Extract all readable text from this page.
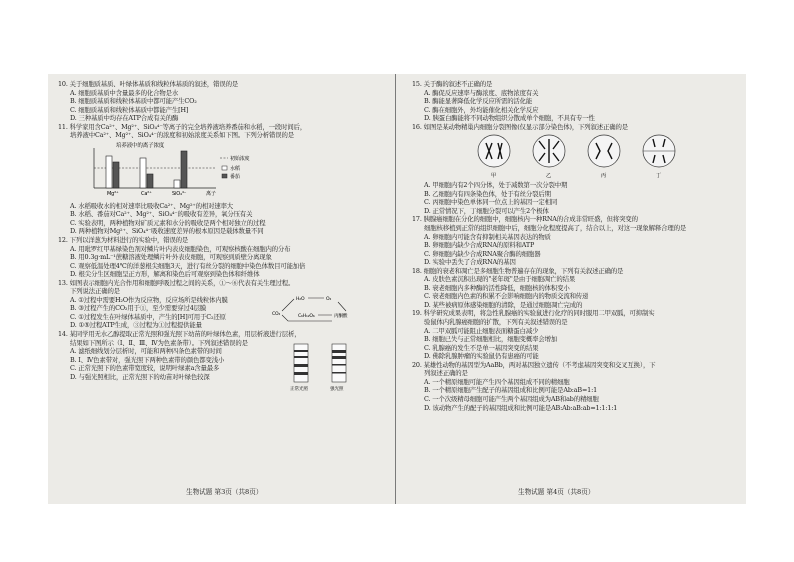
10. 关于细胞质基质、叶绿体基质和线粒体基质的叙述，错误的是
A. 细胞质基质中含量最多的化合物是水
B. 细胞质基质和线粒体基质中都可能产生CO₂
C. 细胞质基质和线粒体基质中都能产生[H]
D. 三种基质中均存在ATP合成有关的酶
11. 科学家用含Ca²⁺、Mg²⁺、SiO₄⁴⁻等离子的完全培养液培养番茄和水稻，一段时间后，
培养液中Ca²⁺、Mg²⁺、SiO₄⁴⁻的浓度和初始浓度关系如下图。下列分析错误的是
培养液中的离子浓度
Mg²⁺	Ca²⁺	SiO₄⁴⁻	离子
初始浓度
水稻
番茄
A. 水稻吸收水的相对速率比吸收Ca²⁺、Mg²⁺的相对速率大
B. 水稻、番茄对Ca²⁺、Mg²⁺、SiO₄⁴⁻的吸收有差异，氧分压有关
C. 实验表明，两种植物对矿质元素和水分的吸收是两个相对独立的过程
D. 两种植物对Mg²⁺、SiO₄⁴⁻吸收速度差异的根本原因是载体数量不同
12. 下列以洋葱为材料进行的实验中，错误的是
A. 用吡罗红甲基绿染色剂对鳞片叶内表皮细胞染色，可观察核酸在细胞内的分布
B. 用0.3g·mL⁻¹蔗糖溶液处理鳞片叶外表皮细胞，可观察到质壁分离现象
C. 观察低温处理4℃的洋葱根尖细胞3天，进行有丝分裂的细胞中染色体数目可能加倍
D. 根尖分生区细胞呈正方形，解离和染色后可观察到染色体和纤维体
13. 如图表示细胞内光合作用和细胞呼吸过程之间的关系，①～⑥代表有关生理过程。
下列说法正确的是
A. ①过程中需要H₂O作为反应物，反应场所是线粒体内膜
B. ③过程产生的CO₂用于①，至少需要穿过4层膜
C. ①过程发生在叶绿体基质中，产生的[H]可用于C₂还原
D. ①⑤过程ATP生成，③过程为①过程提供能量
H₂O	O₂
CO₂	C₆H₁₂O₆	丙酮酸
14. 某同学用无水乙醇提取正常光照和强光照下幼苗的叶绿体色素，用层析液进行层析，
结果如下图所示（Ⅰ、Ⅱ、Ⅲ、Ⅳ为色素条带）。下列叙述错误的是
A. 滤纸细线划分层析时，可能和两种四条色素带的时间
B. Ⅰ、Ⅳ色素带对，强光照下两种色素带的颜色都变浅小
C. 正常光照下的色素带宽度较，说明叶绿素a含量最多
D. 与强光照相比，正常光照下的幼苗对叶绿色较深
正常光照	强光照
生物试题 第3页（共8页）
15. 关于酶的叙述不正确的是
A. 酶促反应速率与酶浓度、底物浓度有关
B. 酶能显著降低化学反应所需的活化能
C. 酶在细胞外，外均能催化相关化学反应
D. 胰蛋白酶能将不同动物组织分散成单个细胞，不具有专一性
16. 如图是某动物精巢内细胞分裂图像(仅显示部分染色体)，下列叙述正确的是
甲	乙	丙	丁
A. 甲细胞内有2个四分体，处于减数第一次分裂中期
B. 乙细胞内有四条染色体，处于有丝分裂后期
C. 丙细胞中染色单体同一位点上的基因一定相同
D. 正常情况下，丁细胞分裂可以产生2个极体
17. 胰腺癌细胞在分化的细胞中，细胞核内一种RNA的合成非常旺盛，但将突变的
细胞核移植到正常的组织细胞中后，细胞分化程度提高了，结合以上，对这一现象解释合理的是
A. 卵细胞内可能含有抑制相关基因表达的物质
B. 卵细胞内缺少合成RNA的原料和ATP
C. 卵细胞内缺少合成RNA聚合酶的细胞器
D. 实验中丢失了合成RNA的基因
18. 细胞的衰老和凋亡是多细胞生物普遍存在的现象，下列有关叙述正确的是
A. 皮肤色素沉积出现的"老年斑"是由于细胞凋亡的结果
B. 衰老细胞内多种酶的活性降低，细胞核的体积变小
C. 衰老细胞内色素的积累不会影响细胞内的物质交流和传递
D. 某些被病原体感染细胞的清除，是通过细胞凋亡完成的
19. 科学研究成果表明，将急性乳腺癌的实验鼠进行化疗的同时服用二甲双胍，可抑制实
验鼠体内乳腺癌细胞的扩散，下列有关叙述错误的是
A. 二甲双胍可能阻止细胞表面糖蛋白减少
B. 细胞已失与正常细胞相比，细胞变概率会增加
C. 乳腺癌的发生不是单一基因突变的结果
D. 佛除乳腺肿瘤的实验鼠仍有患癌的可能
20. 某雄性动物的基因型为AaBb，两对基因独立遗传（不考虑基因突变和交叉互换），下
列叙述正确的是
A. 一个精原细胞可能产生四个基因组成不同的精细胞
B. 一个精原细胞产生配子的基因组成和比例可能是Ab:aB=1:1
C. 一个次级精母细胞可能产生两个基因组成为AB和ab的精细胞
D. 该动物产生的配子的基因组成和比例可能是AB:Ab:aB:ab=1:1:1:1
生物试题 第4页（共8页）
